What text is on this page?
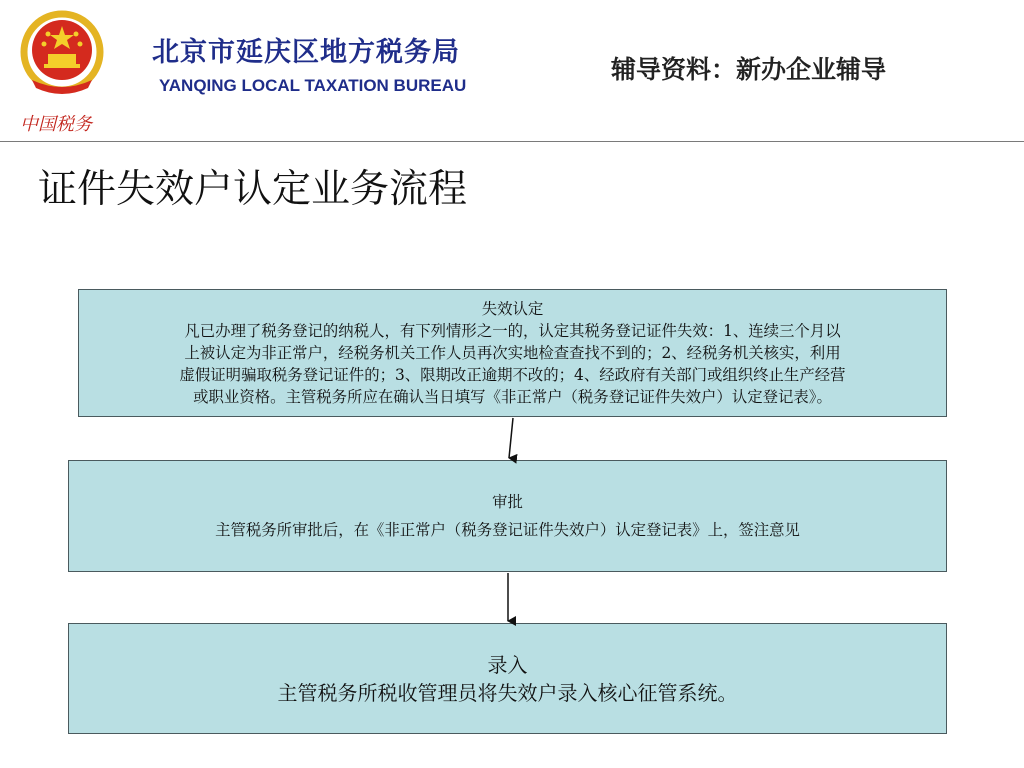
中国税务
北京市延庆区地方税务局
YANQING LOCAL TAXATION BUREAU
辅导资料：新办企业辅导
证件失效户认定业务流程
失效认定
凡已办理了税务登记的纳税人，有下列情形之一的，认定其税务登记证件失效：1、连续三个月以
上被认定为非正常户，经税务机关工作人员再次实地检查查找不到的；2、经税务机关核实，利用
虚假证明骗取税务登记证件的；3、限期改正逾期不改的；4、经政府有关部门或组织终止生产经营
或职业资格。主管税务所应在确认当日填写《非正常户（税务登记证件失效户）认定登记表》。
审批
主管税务所审批后，在《非正常户（税务登记证件失效户）认定登记表》上，签注意见
录入
主管税务所税收管理员将失效户录入核心征管系统。
